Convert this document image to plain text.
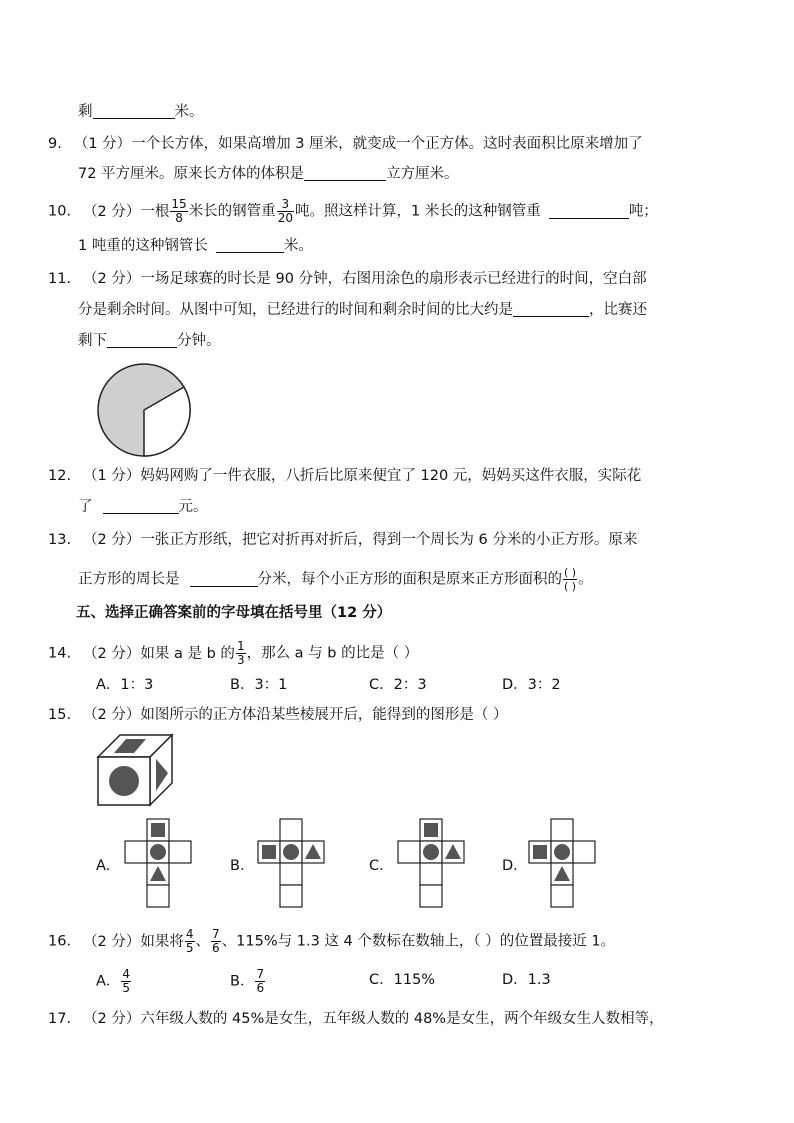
剩	米。
9. （1 分）一个长方体，如果高增加 3 厘米，就变成一个正方体。这时表面积比原来增加了
72 平方厘米。原来长方体的体积是	立方厘米。
10. （2 分）一根 $\frac{15}{8}$ 米长的钢管重 $\frac{3}{20}$ 吨。照这样计算，1 米长的这种钢管重	吨；
1 吨重的这种钢管长	米。
11. （2 分）一场足球赛的时长是 90 分钟，右图用涂色的扇形表示已经进行的时间，空白部
分是剩余时间。从图中可知，已经进行的时间和剩余时间的比大约是	，比赛还
剩下	分钟。
12. （1 分）妈妈网购了一件衣服，八折后比原来便宜了 120 元，妈妈买这件衣服，实际花
了	元。
13. （2 分）一张正方形纸，把它对折再对折后，得到一个周长为 6 分米的小正方形。原来
正方形的周长是	分米，每个小正方形的面积是原来正方形面积的 $\frac{( )}{( )}$ 。
五、选择正确答案前的字母填在括号里（12 分）
14. （2 分）如果 a 是 b 的 $\frac{1}{3}$ ，那么 a 与 b 的比是（ ）
A．1：3	B．3：1	C．2：3	D．3：2
15. （2 分）如图所示的正方体沿某些棱展开后，能得到的图形是（ ）
A．	B．	C．	D．
16. （2 分）如果将 $\frac{4}{5}$ 、 $\frac{7}{6}$ 、115%与 1.3 这 4 个数标在数轴上，（ ）的位置最接近 1。
A． $\frac{4}{5}$	B． $\frac{7}{6}$	C．115%	D．1.3
17. （2 分）六年级人数的 45%是女生，五年级人数的 48%是女生，两个年级女生人数相等，
